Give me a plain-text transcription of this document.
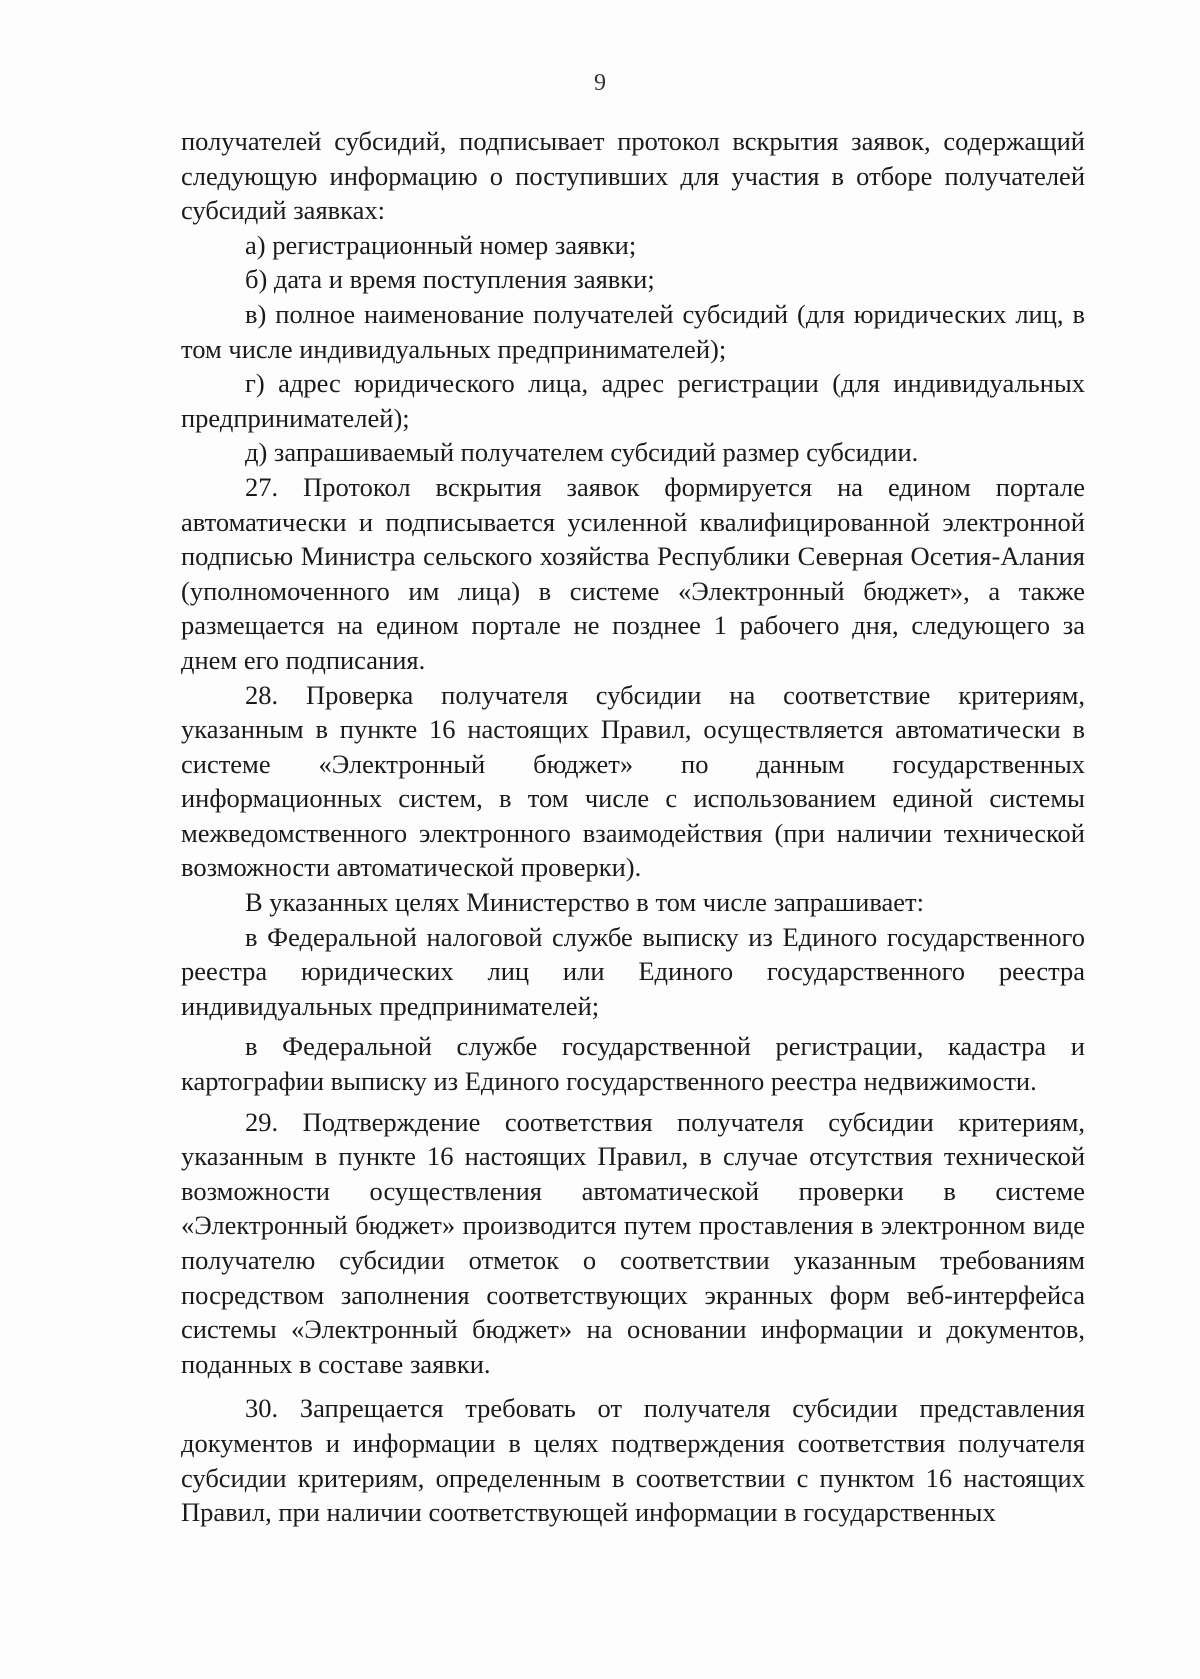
9

получателей субсидий, подписывает протокол вскрытия заявок, содержащий следующую информацию о поступивших для участия в отборе получателей субсидий заявках:

а) регистрационный номер заявки;

б) дата и время поступления заявки;

в) полное наименование получателей субсидий (для юридических лиц, в том числе индивидуальных предпринимателей);

г) адрес юридического лица, адрес регистрации (для индивидуальных предпринимателей);

д) запрашиваемый получателем субсидий размер субсидии.

27. Протокол вскрытия заявок формируется на едином портале автоматически и подписывается усиленной квалифицированной электронной подписью Министра сельского хозяйства Республики Северная Осетия-Алания (уполномоченного им лица) в системе «Электронный бюджет», а также размещается на едином портале не позднее 1 рабочего дня, следующего за днем его подписания.

28. Проверка получателя субсидии на соответствие критериям, указанным в пункте 16 настоящих Правил, осуществляется автоматически в системе «Электронный бюджет» по данным государственных информационных систем, в том числе с использованием единой системы межведомственного электронного взаимодействия (при наличии технической возможности автоматической проверки).

В указанных целях Министерство в том числе запрашивает:

в Федеральной налоговой службе выписку из Единого государственного реестра юридических лиц или Единого государственного реестра индивидуальных предпринимателей;

в Федеральной службе государственной регистрации, кадастра и картографии выписку из Единого государственного реестра недвижимости.

29. Подтверждение соответствия получателя субсидии критериям, указанным в пункте 16 настоящих Правил, в случае отсутствия технической возможности осуществления автоматической проверки в системе «Электронный бюджет» производится путем проставления в электронном виде получателю субсидии отметок о соответствии указанным требованиям посредством заполнения соответствующих экранных форм веб-интерфейса системы «Электронный бюджет» на основании информации и документов, поданных в составе заявки.

30. Запрещается требовать от получателя субсидии представления документов и информации в целях подтверждения соответствия получателя субсидии критериям, определенным в соответствии с пунктом 16 настоящих Правил, при наличии соответствующей информации в государственных
